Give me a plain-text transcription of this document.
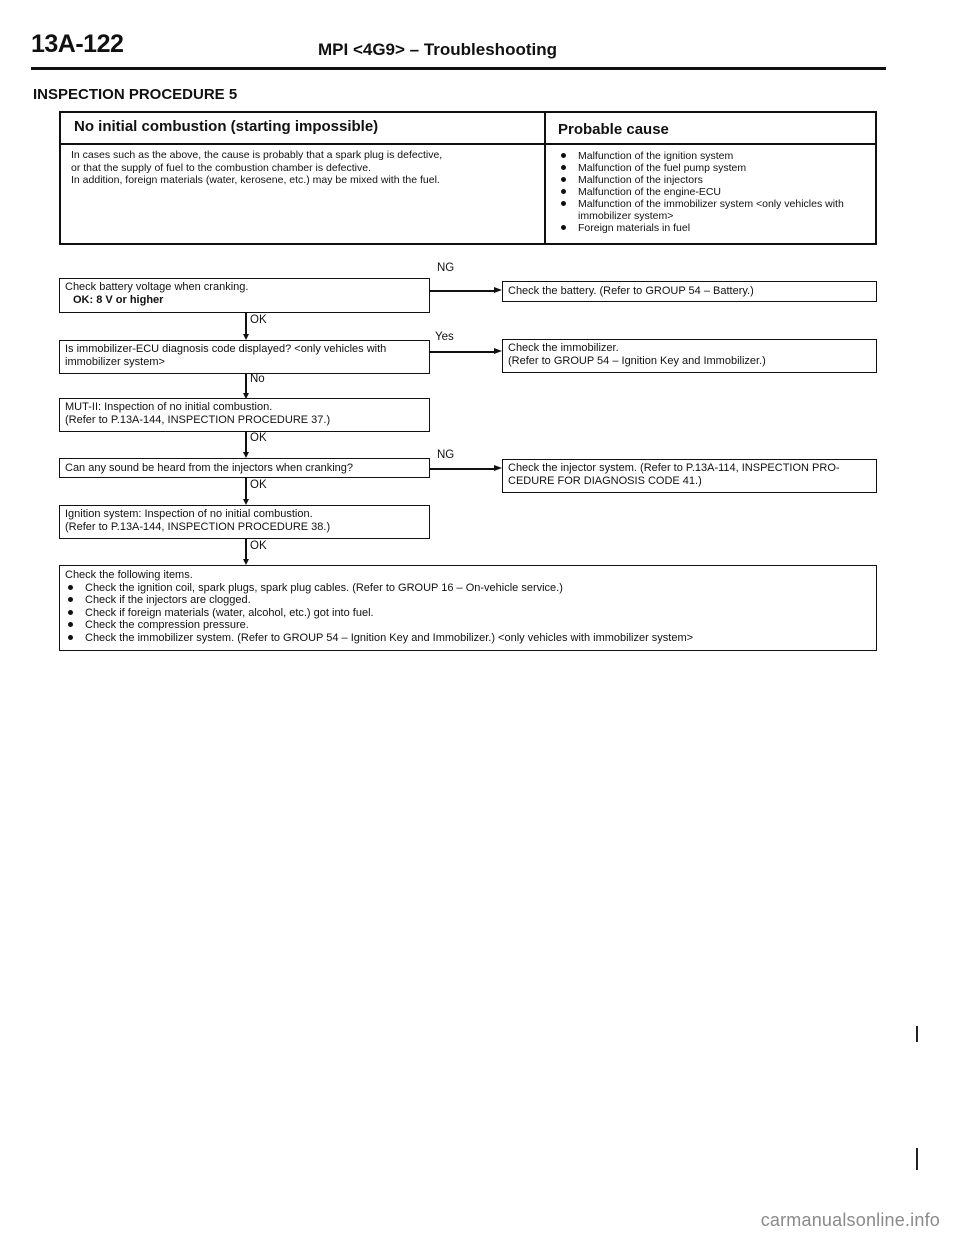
13A-122	MPI <4G9> – Troubleshooting
INSPECTION PROCEDURE 5
No initial combustion (starting impossible)	Probable cause
In cases such as the above, the cause is probably that a spark plug is defective,
or that the supply of fuel to the combustion chamber is defective.
In addition, foreign materials (water, kerosene, etc.) may be mixed with the fuel.
Malfunction of the ignition system
Malfunction of the fuel pump system
Malfunction of the injectors
Malfunction of the engine-ECU
Malfunction of the immobilizer system <only vehicles with immobilizer system>
Foreign materials in fuel
Check battery voltage when cranking.
OK: 8 V or higher
NG
Check the battery. (Refer to GROUP 54 – Battery.)
OK
Is immobilizer-ECU diagnosis code displayed? <only vehicles with
immobilizer system>
Yes
Check the immobilizer.
(Refer to GROUP 54 – Ignition Key and Immobilizer.)
No
MUT-II: Inspection of no initial combustion.
(Refer to P.13A-144, INSPECTION PROCEDURE 37.)
OK
Can any sound be heard from the injectors when cranking?
NG
Check the injector system. (Refer to P.13A-114, INSPECTION PRO-
CEDURE FOR DIAGNOSIS CODE 41.)
OK
Ignition system: Inspection of no initial combustion.
(Refer to P.13A-144, INSPECTION PROCEDURE 38.)
OK
Check the following items.
Check the ignition coil, spark plugs, spark plug cables. (Refer to GROUP 16 – On-vehicle service.)
Check if the injectors are clogged.
Check if foreign materials (water, alcohol, etc.) got into fuel.
Check the compression pressure.
Check the immobilizer system. (Refer to GROUP 54 – Ignition Key and Immobilizer.) <only vehicles with immobilizer system>
carmanualsonline.info
